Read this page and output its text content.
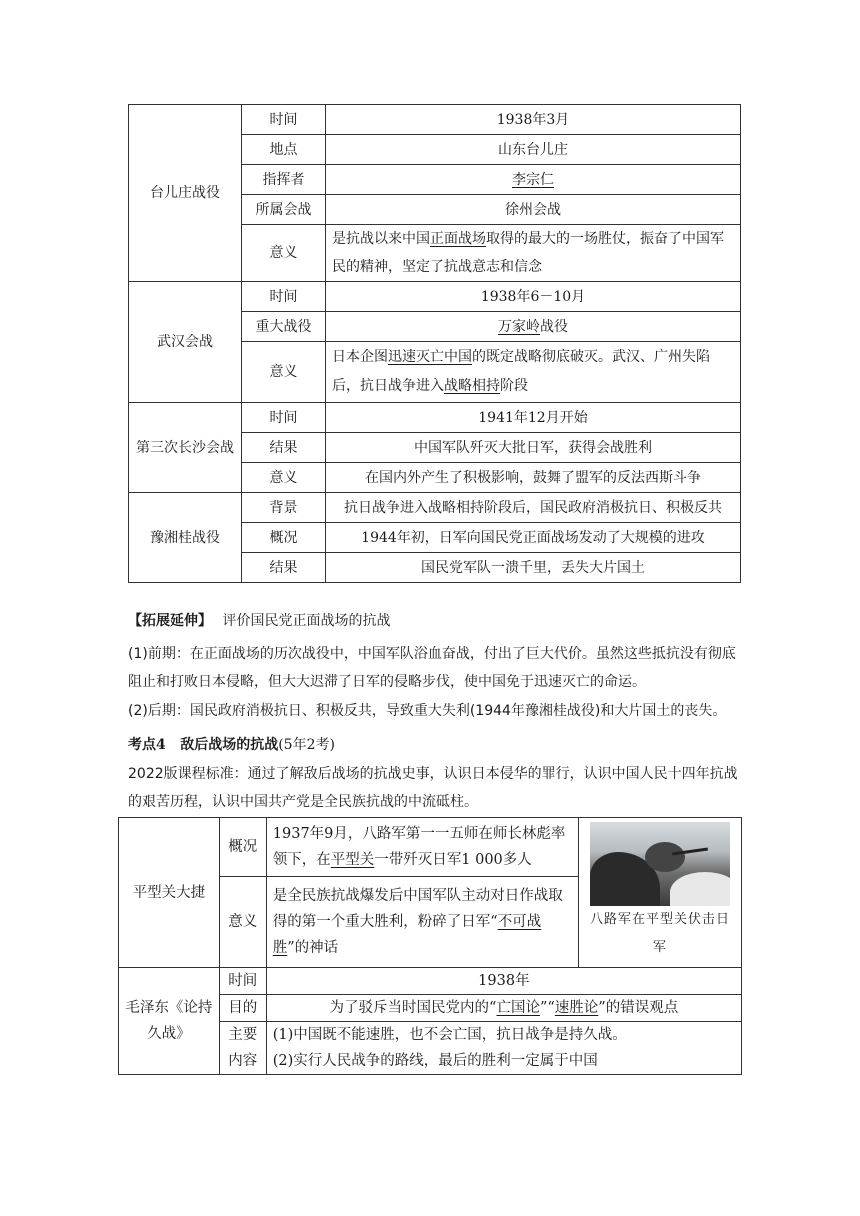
台儿庄战役	时间	1938年3月
	地点	山东台儿庄
	指挥者	李宗仁
	所属会战	徐州会战
	意义	是抗战以来中国正面战场取得的最大的一场胜仗，振奋了中国军民的精神，坚定了抗战意志和信念
武汉会战	时间	1938年6－10月
	重大战役	万家岭战役
	意义	日本企图迅速灭亡中国的既定战略彻底破灭。武汉、广州失陷后，抗日战争进入战略相持阶段
第三次长沙会战	时间	1941年12月开始
	结果	中国军队歼灭大批日军，获得会战胜利
	意义	在国内外产生了积极影响，鼓舞了盟军的反法西斯斗争
豫湘桂战役	背景	抗日战争进入战略相持阶段后，国民政府消极抗日、积极反共
	概况	1944年初，日军向国民党正面战场发动了大规模的进攻
	结果	国民党军队一溃千里，丢失大片国土
【拓展延伸】 评价国民党正面战场的抗战
(1)前期：在正面战场的历次战役中，中国军队浴血奋战，付出了巨大代价。虽然这些抵抗没有彻底阻止和打败日本侵略，但大大迟滞了日军的侵略步伐，使中国免于迅速灭亡的命运。
(2)后期：国民政府消极抗日、积极反共，导致重大失利(1944年豫湘桂战役)和大片国土的丧失。
考点4 敌后战场的抗战(5年2考)
2022版课程标准：通过了解敌后战场的抗战史事，认识日本侵华的罪行，认识中国人民十四年抗战的艰苦历程，认识中国共产党是全民族抗战的中流砥柱。
平型关大捷	概况	1937年9月，八路军第一一五师在师长林彪率领下，在平型关一带歼灭日军1 000多人	八路军在平型关伏击日军

	意义	是全民族抗战爆发后中国军队主动对日作战取得的第一个重大胜利，粉碎了日军“不可战胜”的神话	
毛泽东《论持久战》	时间	1938年	
	目的	为了驳斥当时国民党内的“亡国论”“速胜论”的错误观点	
	主要内容	(1)中国既不能速胜，也不会亡国，抗日战争是持久战。
(2)实行人民战争的路线，最后的胜利一定属于中国	
